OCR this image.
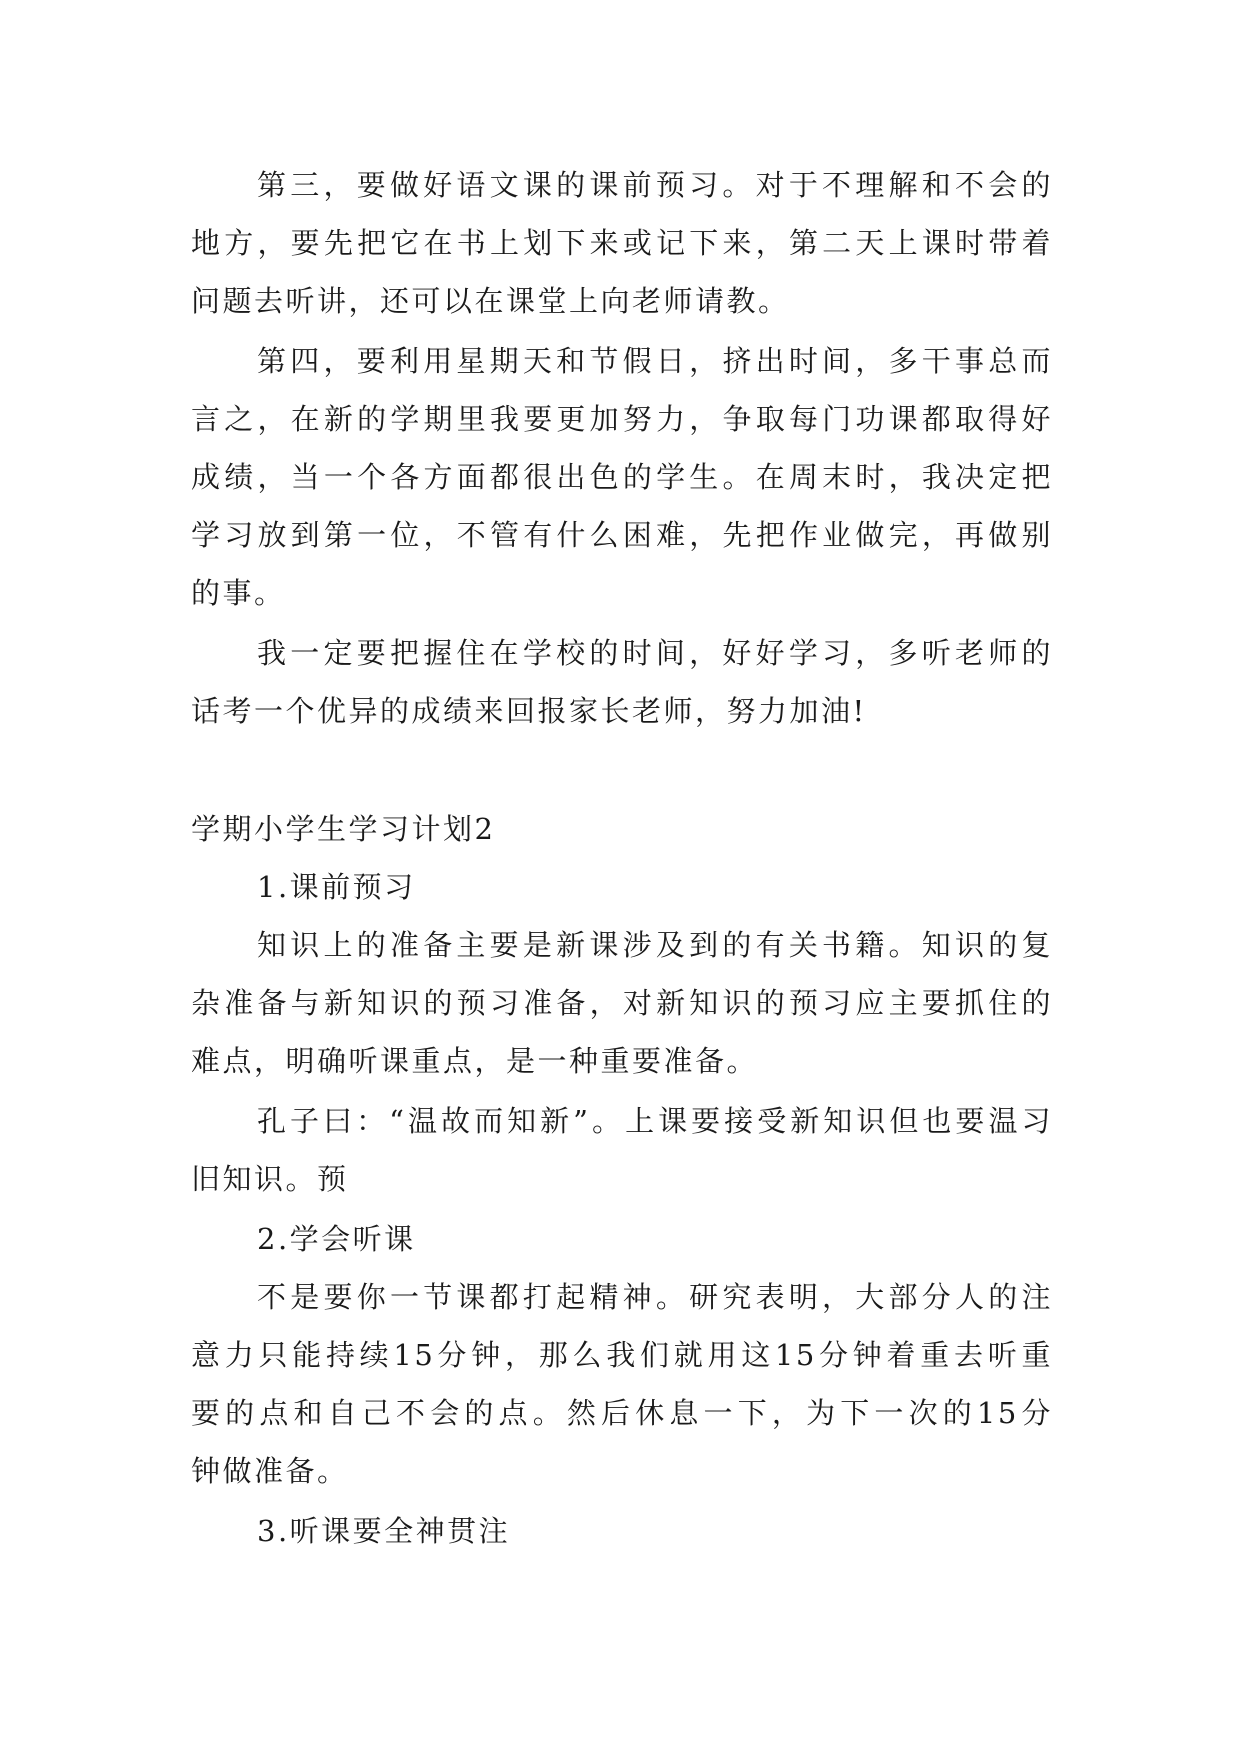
第三，要做好语文课的课前预习。对于不理解和不会的
地方，要先把它在书上划下来或记下来，第二天上课时带着
问题去听讲，还可以在课堂上向老师请教。
第四，要利用星期天和节假日，挤出时间，多干事总而
言之，在新的学期里我要更加努力，争取每门功课都取得好
成绩，当一个各方面都很出色的学生。在周末时，我决定把
学习放到第一位，不管有什么困难，先把作业做完，再做别
的事。
我一定要把握住在学校的时间，好好学习，多听老师的
话考一个优异的成绩来回报家长老师，努力加油!
学期小学生学习计划2
1.课前预习
知识上的准备主要是新课涉及到的有关书籍。知识的复
杂准备与新知识的预习准备，对新知识的预习应主要抓住的
难点，明确听课重点，是一种重要准备。
孔子曰：“温故而知新”。上课要接受新知识但也要温习
旧知识。预
2.学会听课
不是要你一节课都打起精神。研究表明，大部分人的注
意力只能持续15分钟，那么我们就用这15分钟着重去听重
要的点和自己不会的点。然后休息一下，为下一次的15分
钟做准备。
3.听课要全神贯注
